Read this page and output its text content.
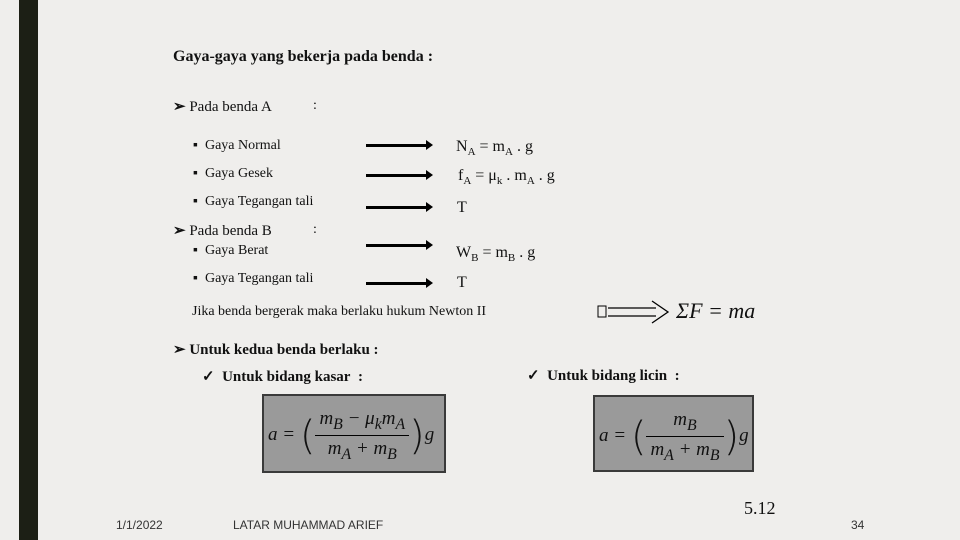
Gaya-gaya yang bekerja pada benda :
➢ Pada benda A	:
▪ Gaya Normal	$N_A = m_A$ . g
▪ Gaya Gesek	$f_A = \mu_k$ . $m_A$ . g
▪ Gaya Tegangan tali	T
➢ Pada benda B	:
▪ Gaya Berat	$W_B = m_B$ . g
▪ Gaya Tegangan tali	T
Jika benda bergerak maka berlaku hukum Newton II	ΣF = ma
➢ Untuk kedua benda berlaku :
✓ Untuk bidang kasar :	✓ Untuk bidang licin :
a = ( $\frac{m_B - \mu_km_A}{m_A + m_B} )g$	a = ( $\frac{m_B}{m_A + m_B} )g$
5.12
1/1/2022	LATAR MUHAMMAD ARIEF	34
